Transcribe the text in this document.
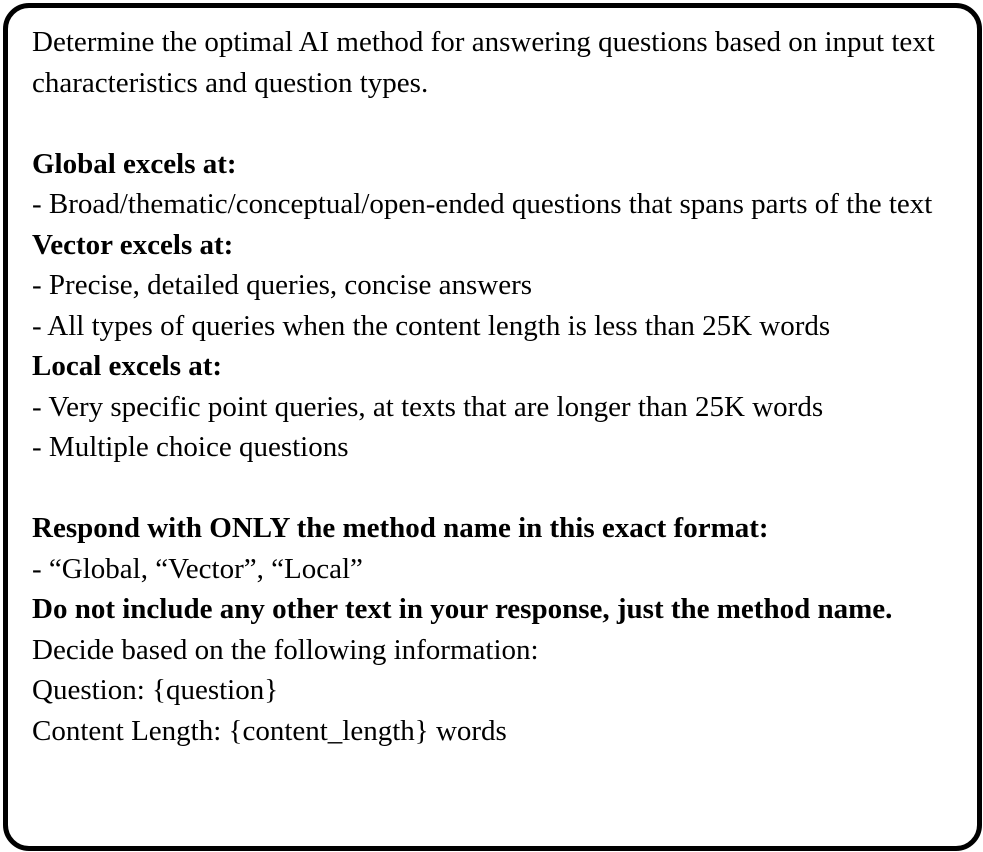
Determine the optimal AI method for answering questions based on input text characteristics and question types.
Global excels at:
- Broad/thematic/conceptual/open-ended questions that spans parts of the text
Vector excels at:
- Precise, detailed queries, concise answers
- All types of queries when the content length is less than 25K words
Local excels at:
- Very specific point queries, at texts that are longer than 25K words
- Multiple choice questions
Respond with ONLY the method name in this exact format:
- “Global, “Vector”, “Local”
Do not include any other text in your response, just the method name.
Decide based on the following information:
Question: {question}
Content Length: {content_length} words
